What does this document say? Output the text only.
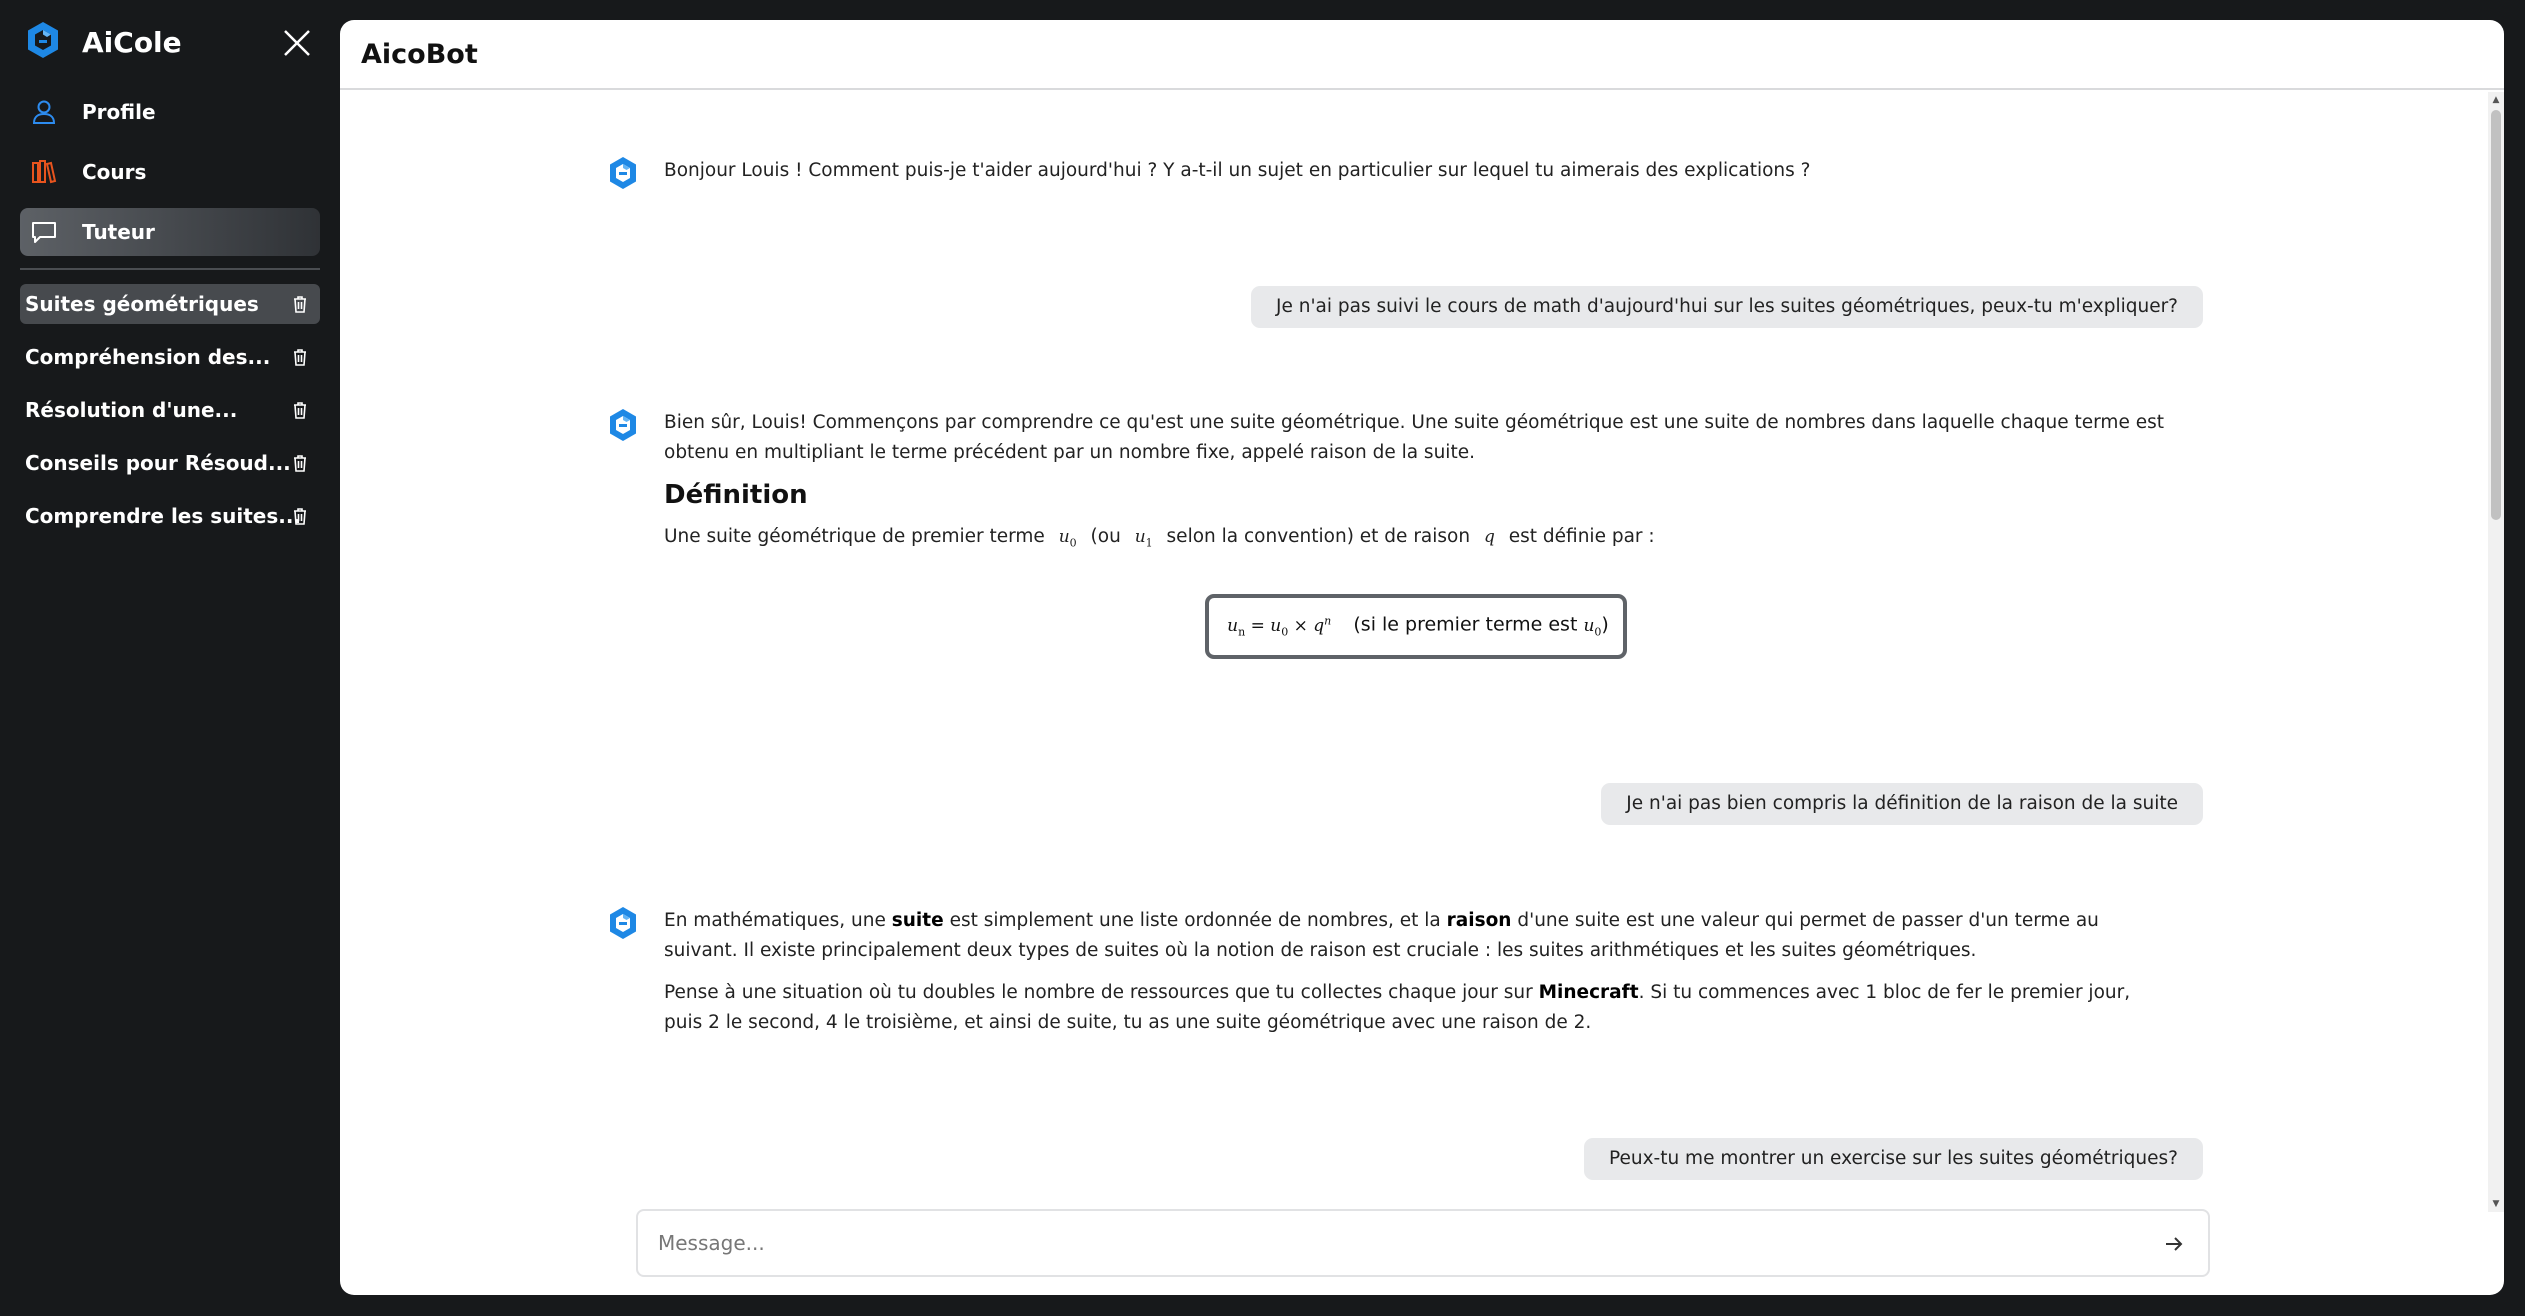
AiCole
Profile
Cours
Tuteur
Suites géométriques
Compréhension des...
Résolution d'une...
Conseils pour Résoud...
Comprendre les suites...
AicoBot

Bonjour Louis ! Comment puis-je t'aider aujourd'hui ? Y a-t-il un sujet en particulier sur lequel tu aimerais des explications ?

Je n'ai pas suivi le cours de math d'aujourd'hui sur les suites géométriques, peux-tu m'expliquer?

Bien sûr, Louis! Commençons par comprendre ce qu'est une suite géométrique. Une suite géométrique est une suite de nombres dans laquelle chaque terme est obtenu en multipliant le terme précédent par un nombre fixe, appelé raison de la suite.

Définition

Une suite géométrique de premier terme $u_0$ (ou $u_1$ selon la convention) et de raison q est définie par :

$u_n = u_0 \times q^n$ (si le premier terme est $u_0$)
Je n'ai pas bien compris la définition de la raison de la suite

En mathématiques, une suite est simplement une liste ordonnée de nombres, et la raison d'une suite est une valeur qui permet de passer d'un terme au suivant. Il existe principalement deux types de suites où la notion de raison est cruciale : les suites arithmétiques et les suites géométriques.

Pense à une situation où tu doubles le nombre de ressources que tu collectes chaque jour sur Minecraft. Si tu commences avec 1 bloc de fer le premier jour, puis 2 le second, 4 le troisième, et ainsi de suite, tu as une suite géométrique avec une raison de 2.

Peux-tu me montrer un exercise sur les suites géométriques?
▲
▼
Message...
